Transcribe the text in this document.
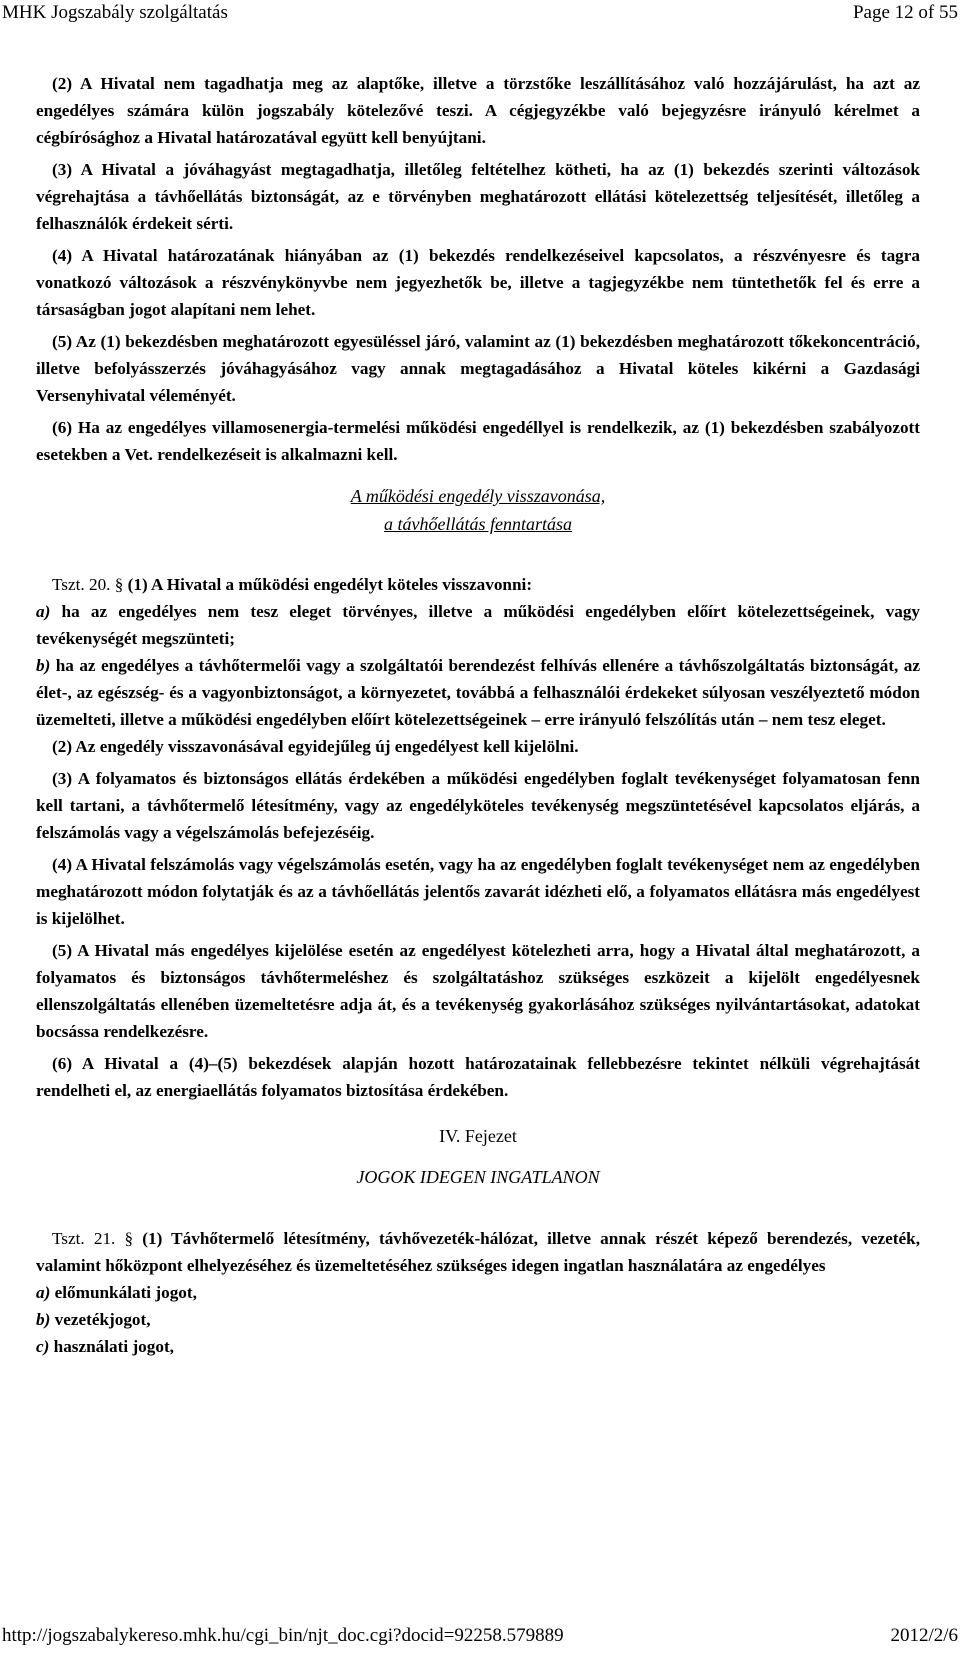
MHK Jogszabály szolgáltatás	Page 12 of 55

(2) A Hivatal nem tagadhatja meg az alaptőke, illetve a törzstőke leszállításához való hozzájárulást, ha azt az engedélyes számára külön jogszabály kötelezővé teszi. A cégjegyzékbe való bejegyzésre irányuló kérelmet a cégbírósághoz a Hivatal határozatával együtt kell benyújtani.

(3) A Hivatal a jóváhagyást megtagadhatja, illetőleg feltételhez kötheti, ha az (1) bekezdés szerinti változások végrehajtása a távhőellátás biztonságát, az e törvényben meghatározott ellátási kötelezettség teljesítését, illetőleg a felhasználók érdekeit sérti.

(4) A Hivatal határozatának hiányában az (1) bekezdés rendelkezéseivel kapcsolatos, a részvényesre és tagra vonatkozó változások a részvénykönyvbe nem jegyezhetők be, illetve a tagjegyzékbe nem tüntethetők fel és erre a társaságban jogot alapítani nem lehet.

(5) Az (1) bekezdésben meghatározott egyesüléssel járó, valamint az (1) bekezdésben meghatározott tőkekoncentráció, illetve befolyásszerzés jóváhagyásához vagy annak megtagadásához a Hivatal köteles kikérni a Gazdasági Versenyhivatal véleményét.

(6) Ha az engedélyes villamosenergia-termelési működési engedéllyel is rendelkezik, az (1) bekezdésben szabályozott esetekben a Vet. rendelkezéseit is alkalmazni kell.

A működési engedély visszavonása,
a távhőellátás fenntartása

Tszt. 20. § (1) A Hivatal a működési engedélyt köteles visszavonni:

a) ha az engedélyes nem tesz eleget törvényes, illetve a működési engedélyben előírt kötelezettségeinek, vagy tevékenységét megszünteti;

b) ha az engedélyes a távhőtermelői vagy a szolgáltatói berendezést felhívás ellenére a távhőszolgáltatás biztonságát, az élet-, az egészség- és a vagyonbiztonságot, a környezetet, továbbá a felhasználói érdekeket súlyosan veszélyeztető módon üzemelteti, illetve a működési engedélyben előírt kötelezettségeinek – erre irányuló felszólítás után – nem tesz eleget.

(2) Az engedély visszavonásával egyidejűleg új engedélyest kell kijelölni.

(3) A folyamatos és biztonságos ellátás érdekében a működési engedélyben foglalt tevékenységet folyamatosan fenn kell tartani, a távhőtermelő létesítmény, vagy az engedélyköteles tevékenység megszüntetésével kapcsolatos eljárás, a felszámolás vagy a végelszámolás befejezéséig.

(4) A Hivatal felszámolás vagy végelszámolás esetén, vagy ha az engedélyben foglalt tevékenységet nem az engedélyben meghatározott módon folytatják és az a távhőellátás jelentős zavarát idézheti elő, a folyamatos ellátásra más engedélyest is kijelölhet.

(5) A Hivatal más engedélyes kijelölése esetén az engedélyest kötelezheti arra, hogy a Hivatal által meghatározott, a folyamatos és biztonságos távhőtermeléshez és szolgáltatáshoz szükséges eszközeit a kijelölt engedélyesnek ellenszolgáltatás ellenében üzemeltetésre adja át, és a tevékenység gyakorlásához szükséges nyilvántartásokat, adatokat bocsássa rendelkezésre.

(6) A Hivatal a (4)–(5) bekezdések alapján hozott határozatainak fellebbezésre tekintet nélküli végrehajtását rendelheti el, az energiaellátás folyamatos biztosítása érdekében.

IV. Fejezet

JOGOK IDEGEN INGATLANON

Tszt. 21. § (1) Távhőtermelő létesítmény, távhővezeték-hálózat, illetve annak részét képező berendezés, vezeték, valamint hőközpont elhelyezéséhez és üzemeltetéséhez szükséges idegen ingatlan használatára az engedélyes

a) előmunkálati jogot,

b) vezetékjogot,

c) használati jogot,

http://jogszabalykereso.mhk.hu/cgi_bin/njt_doc.cgi?docid=92258.579889	2012/2/6
